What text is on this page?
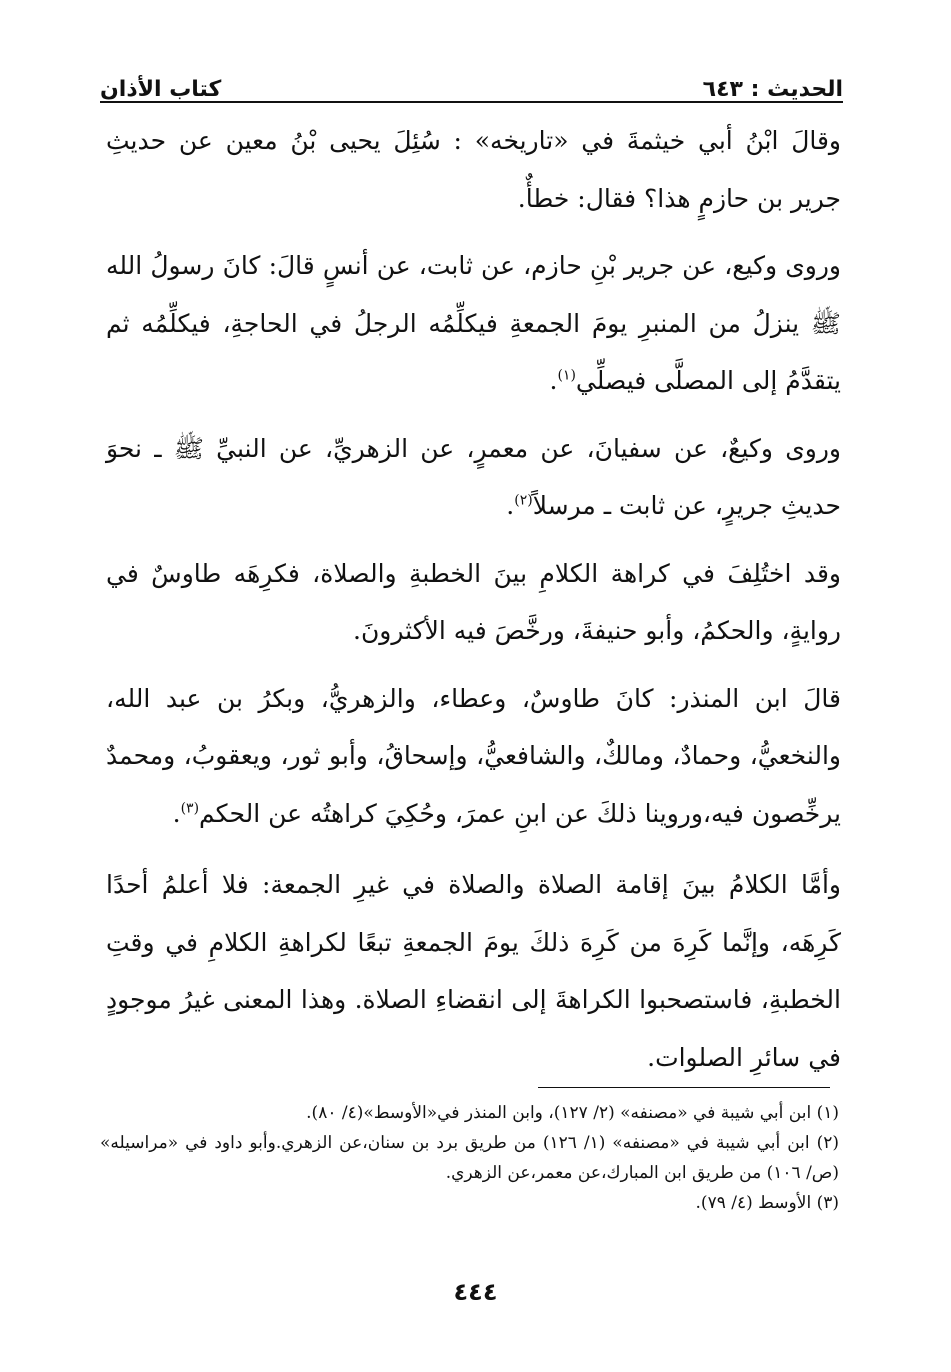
الحديث : ٦٤٣
كتاب الأذان

وقالَ ابْنُ أبي خيثمةَ في «تاريخه» : سُئِلَ يحيى بْنُ معين عن حديثِ جرير بن حازمٍ هذا؟ فقال: خطأٌ.

وروى وكيع، عن جرير بْنِ حازم، عن ثابت، عن أنسٍ قالَ: كانَ رسولُ الله ﷺ ينزلُ من المنبرِ يومَ الجمعةِ فيكلِّمُه الرجلُ في الحاجةِ، فيكلِّمُه ثم يتقدَّمُ إلى المصلَّى فيصلِّي$^{(١)}$.

وروى وكيعٌ، عن سفيانَ، عن معمرٍ، عن الزهريِّ، عن النبيِّ ﷺ ـ نحوَ حديثِ جريرٍ، عن ثابت ـ مرسلاً$^{(٢)}$.

وقد اختُلِفَ في كراهة الكلامِ بينَ الخطبةِ والصلاة، فكرِهَه طاوسٌ في روايةٍ، والحكمُ، وأبو حنيفةَ، ورخَّصَ فيه الأكثرونَ.

قالَ ابن المنذر: كانَ طاوسٌ، وعطاء، والزهريُّ، وبكرُ بن عبد الله، والنخعيُّ، وحمادٌ، ومالكٌ، والشافعيُّ، وإسحاقُ، وأبو ثور، ويعقوبُ، ومحمدٌ يرخِّصون فيه،وروينا ذلكَ عن ابنِ عمرَ، وحُكِيَ كراهتُه عن الحكم$^{(٣)}$.

وأمَّا الكلامُ بينَ إقامة الصلاة والصلاة في غيرِ الجمعة: فلا أعلمُ أحدًا كَرِهَه، وإنَّما كَرِهَ من كَرِهَ ذلكَ يومَ الجمعةِ تبعًا لكراهةِ الكلامِ في وقتِ الخطبةِ، فاستصحبوا الكراهةَ إلى انقضاءِ الصلاة. وهذا المعنى غيرُ موجودٍ في سائرِ الصلوات.

(١) ابن أبي شيبة في «مصنفه» (٢/ ١٢٧)، وابن المنذر في«الأوسط»(٤/ ٨٠).

(٢) ابن أبي شيبة في «مصنفه» (١/ ١٢٦) من طريق برد بن سنان،عن الزهري.وأبو داود في «مراسيله» (ص/ ١٠٦) من طريق ابن المبارك،عن معمر،عن الزهري.

(٣) الأوسط (٤/ ٧٩).

٤٤٤
